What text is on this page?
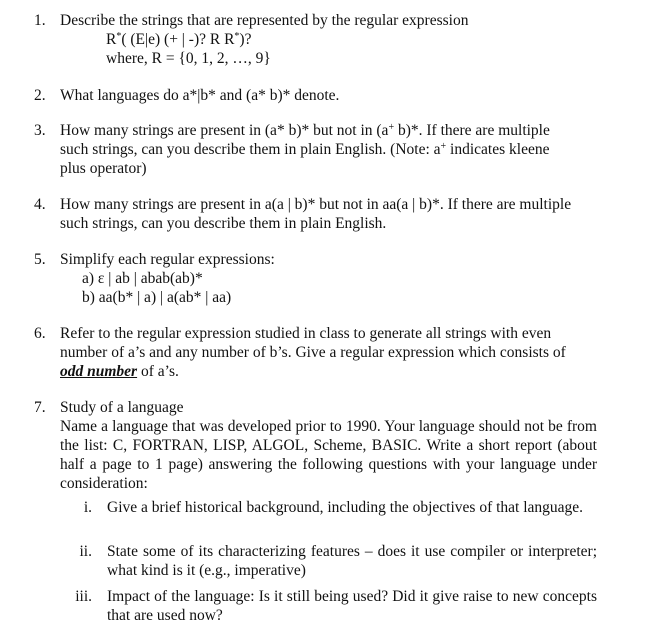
1. Describe the strings that are represented by the regular expression
R*( (E|e) (+ | -)? R R*)?
where, R = {0, 1, 2, …, 9}
2. What languages do a*|b* and (a* b)* denote.
3. How many strings are present in (a* b)* but not in (a+ b)*. If there are multiple
such strings, can you describe them in plain English. (Note: a+ indicates kleene
plus operator)
4. How many strings are present in a(a | b)* but not in aa(a | b)*. If there are multiple
such strings, can you describe them in plain English.
5. Simplify each regular expressions:
a) ε | ab | abab(ab)*
b) aa(b* | a) | a(ab* | aa)
6. Refer to the regular expression studied in class to generate all strings with even
number of a’s and any number of b’s. Give a regular expression which consists of
odd number of a’s.
7. Study of a language
Name a language that was developed prior to 1990. Your language should not be from the list: C, FORTRAN, LISP, ALGOL, Scheme, BASIC. Write a short report (about half a page to 1 page) answering the following questions with your language under consideration:
i. Give a brief historical background, including the objectives of that language.
ii. State some of its characterizing features – does it use compiler or interpreter; what kind is it (e.g., imperative)
iii. Impact of the language: Is it still being used? Did it give raise to new concepts that are used now?
